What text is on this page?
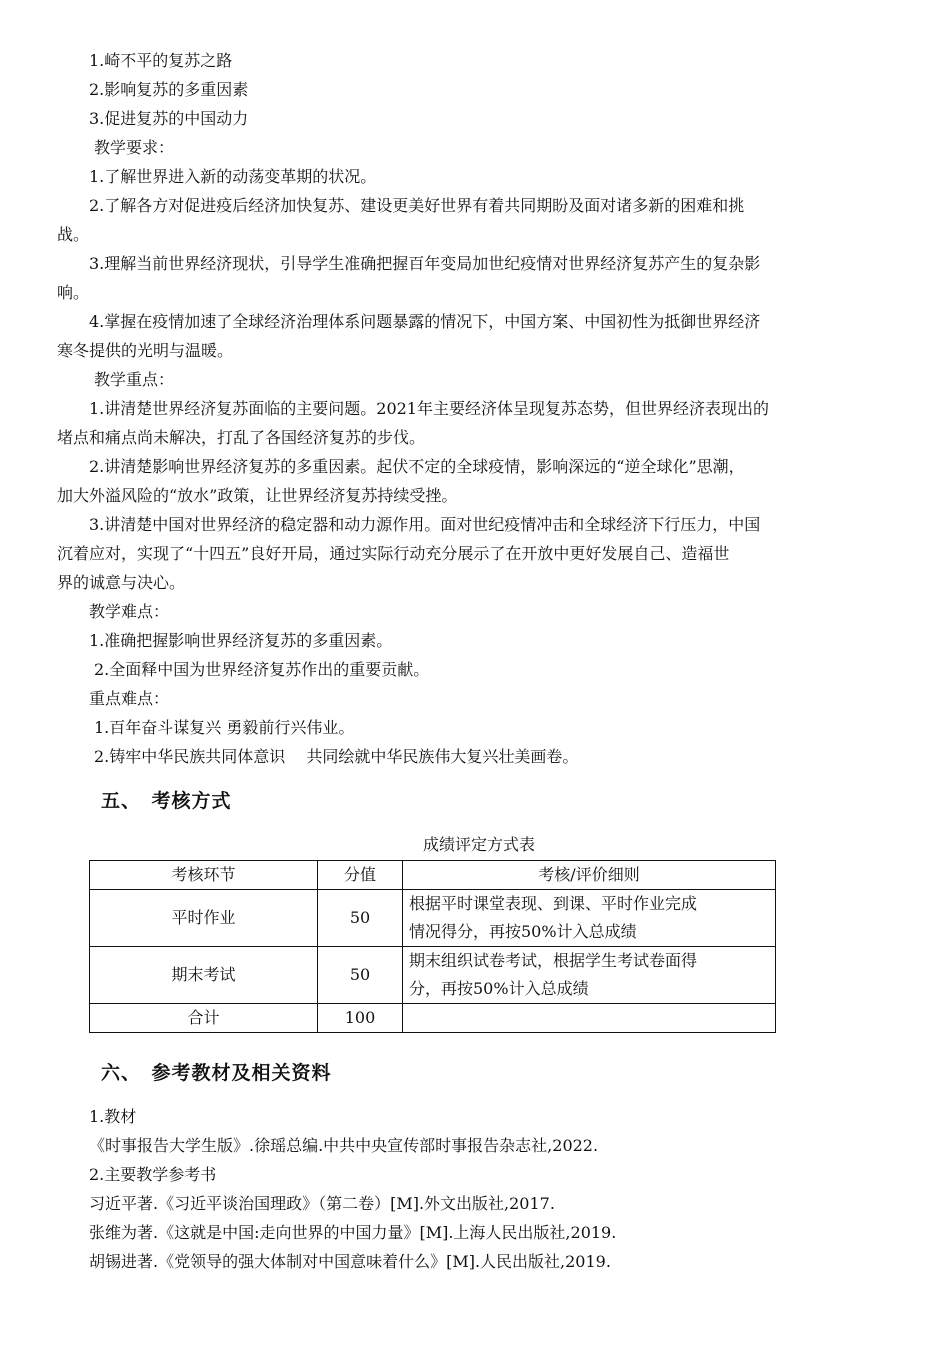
1.崎不平的复苏之路
2.影响复苏的多重因素
3.促进复苏的中国动力
教学要求：
1.了解世界进入新的动荡变革期的状况。
2.了解各方对促进疫后经济加快复苏、建设更美好世界有着共同期盼及面对诸多新的困难和挑
战。
3.理解当前世界经济现状，引导学生准确把握百年变局加世纪疫情对世界经济复苏产生的复杂影
响。
4.掌握在疫情加速了全球经济治理体系问题暴露的情况下，中国方案、中国初性为抵御世界经济
寒冬提供的光明与温暖。
教学重点：
1.讲清楚世界经济复苏面临的主要问题。2021年主要经济体呈现复苏态势，但世界经济表现出的
堵点和痛点尚未解决，打乱了各国经济复苏的步伐。
2.讲清楚影响世界经济复苏的多重因素。起伏不定的全球疫情，影响深远的“逆全球化”思潮，
加大外溢风险的“放水”政策，让世界经济复苏持续受挫。
3.讲清楚中国对世界经济的稳定器和动力源作用。面对世纪疫情冲击和全球经济下行压力，中国
沉着应对，实现了“十四五”良好开局，通过实际行动充分展示了在开放中更好发展自己、造福世
界的诚意与决心。
教学难点：
1.准确把握影响世界经济复苏的多重因素。
2.全面释中国为世界经济复苏作出的重要贡献。
重点难点：
1.百年奋斗谋复兴 勇毅前行兴伟业。
2.铸牢中华民族共同体意识　 共同绘就中华民族伟大复兴壮美画卷。
五、　考核方式
成绩评定方式表
考核环节	分值	考核/评价细则
平时作业	50	根据平时课堂表现、到课、平时作业完成
情况得分，再按50%计入总成绩

期末考试	50	期末组织试卷考试，根据学生考试卷面得
分，再按50%计入总成绩

合计	100	
六、　参考教材及相关资料
1.教材
《时事报告大学生版》.徐瑶总编.中共中央宣传部时事报告杂志社,2022.
2.主要教学参考书
习近平著.《习近平谈治国理政》（第二卷）[M].外文出版社,2017.
张维为著.《这就是中国:走向世界的中国力量》[M].上海人民出版社,2019.
胡锡进著.《党领导的强大体制对中国意味着什么》[M].人民出版社,2019.
